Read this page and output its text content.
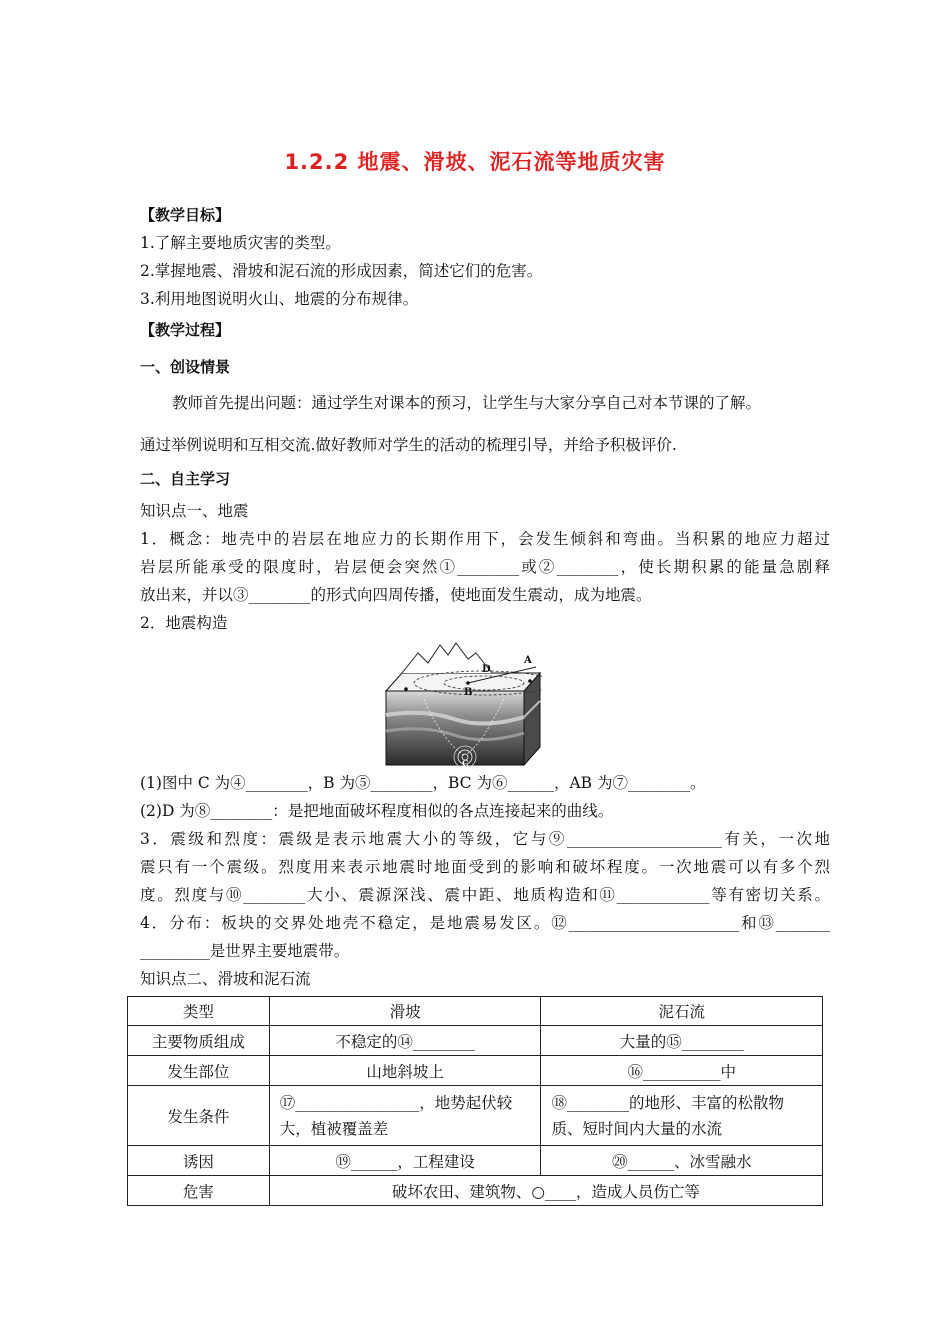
1.2.2 地震、滑坡、泥石流等地质灾害
【教学目标】
1.了解主要地质灾害的类型。
2.掌握地震、滑坡和泥石流的形成因素，简述它们的危害。
3.利用地图说明火山、地震的分布规律。
【教学过程】
一、创设情景
教师首先提出问题：通过学生对课本的预习，让学生与大家分享自己对本节课的了解。
通过举例说明和互相交流.做好教师对学生的活动的梳理引导，并给予积极评价.
二、自主学习
知识点一、地震
1．概念：地壳中的岩层在地应力的长期作用下，会发生倾斜和弯曲。当积累的地应力超过
岩层所能承受的限度时，岩层便会突然①________或②________，使长期积累的能量急剧释
放出来，并以③________的形式向四周传播，使地面发生震动，成为地震。
2．地震构造
D
A
B
C
(1)图中 C 为④________，B 为⑤________，BC 为⑥______，AB 为⑦________。
(2)D 为⑧________：是把地面破坏程度相似的各点连接起来的曲线。
3．震级和烈度：震级是表示地震大小的等级，它与⑨____________________有关，一次地
震只有一个震级。烈度用来表示地震时地面受到的影响和破坏程度。一次地震可以有多个烈
度。烈度与⑩________大小、震源深浅、震中距、地质构造和⑪____________等有密切关系。
4．分布：板块的交界处地壳不稳定，是地震易发区。⑫______________________和⑬_______
_________是世界主要地震带。
知识点二、滑坡和泥石流
类型	滑坡	泥石流
主要物质组成	不稳定的⑭________	大量的⑮________
发生部位	山地斜坡上	⑯__________中
发生条件	⑰________________，地势起伏较大，植被覆盖差	⑱________的地形、丰富的松散物质、短时间内大量的水流
诱因	⑲______，工程建设	⑳______、冰雪融水
危害	破坏农田、建筑物、○____，造成人员伤亡等	
